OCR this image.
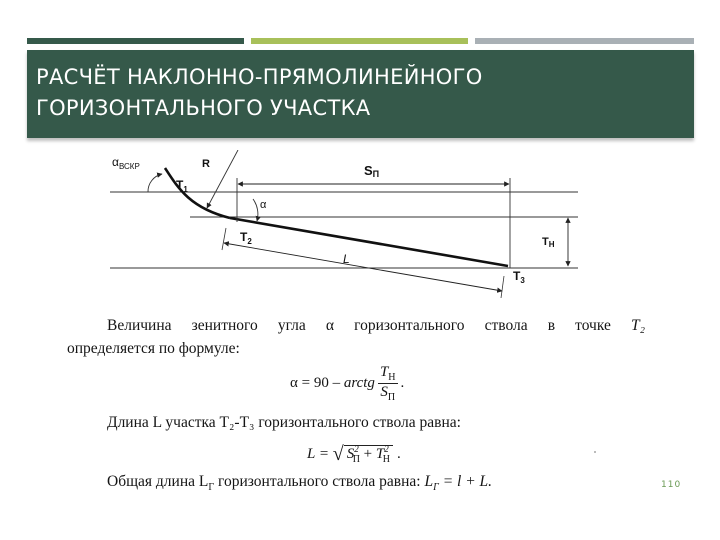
РАСЧЁТ НАКЛОННО-ПРЯМОЛИНЕЙНОГО
ГОРИЗОНТАЛЬНОГО УЧАСТКА
$\alpha_{ВСКР}$	R
$T_1$
$T_2$
$T_3$
SП
α
L
ТН
Величина зенитного угла α горизонтального ствола в точке T₂
определяется по формуле:
α = 90 – arctg $\frac{T_Н}{S_П}$ .
Длина L участка T₂-T₃ горизонтального ствола равна:
L = √ $S^2_П + T^2_Н$ .
Общая длина $L_Г$ горизонтального ствола равна: $L_Г = l + L$.	110
